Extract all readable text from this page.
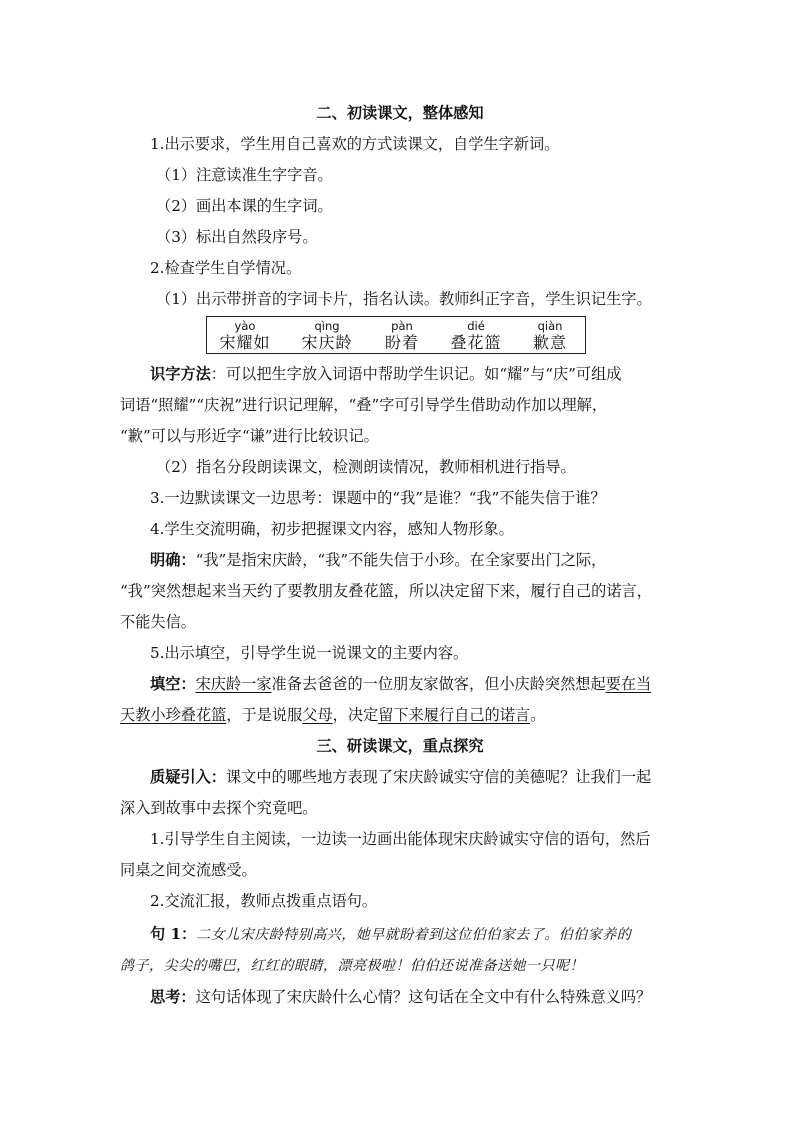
二、初读课文，整体感知
1.出示要求，学生用自己喜欢的方式读课文，自学生字新词。
（1）注意读准生字字音。
（2）画出本课的生字词。
（3）标出自然段序号。
2.检查学生自学情况。
（1）出示带拼音的字词卡片，指名认读。教师纠正字音，学生识记生字。
yào
宋耀如
qìng
宋庆龄
pàn
盼着
dié
叠花篮
qiàn
歉意
识字方法：可以把生字放入词语中帮助学生识记。如“耀”与“庆”可组成
词语“照耀”“庆祝”进行识记理解，“叠”字可引导学生借助动作加以理解，
“歉”可以与形近字“谦”进行比较识记。
（2）指名分段朗读课文，检测朗读情况，教师相机进行指导。
3.一边默读课文一边思考：课题中的“我”是谁？“我”不能失信于谁？
4.学生交流明确，初步把握课文内容，感知人物形象。
明确：“我”是指宋庆龄，“我”不能失信于小珍。在全家要出门之际，
“我”突然想起来当天约了要教朋友叠花篮，所以决定留下来，履行自己的诺言，
不能失信。
5.出示填空，引导学生说一说课文的主要内容。
填空：宋庆龄一家准备去爸爸的一位朋友家做客，但小庆龄突然想起要在当
天教小珍叠花篮，于是说服父母，决定留下来履行自己的诺言。
三、研读课文，重点探究
质疑引入：课文中的哪些地方表现了宋庆龄诚实守信的美德呢？让我们一起
深入到故事中去探个究竟吧。
1.引导学生自主阅读，一边读一边画出能体现宋庆龄诚实守信的语句，然后
同桌之间交流感受。
2.交流汇报，教师点拨重点语句。
句 1：二女儿宋庆龄特别高兴，她早就盼着到这位伯伯家去了。伯伯家养的
鸽子，尖尖的嘴巴，红红的眼睛，漂亮极啦！伯伯还说准备送她一只呢！
思考：这句话体现了宋庆龄什么心情？这句话在全文中有什么特殊意义吗？
